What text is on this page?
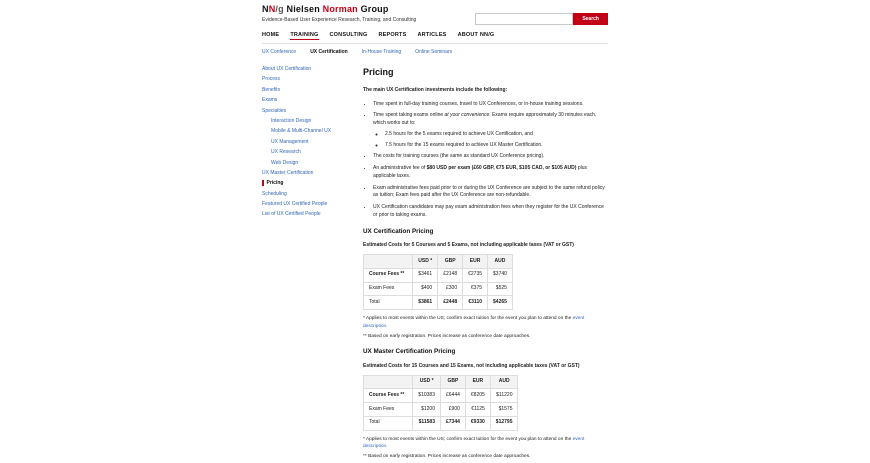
NN/g Nielsen Norman Group
Evidence-Based User Experience Research, Training, and Consulting	Search
HOME TRAINING CONSULTING REPORTS ARTICLES ABOUT NN/G
UX Conference	UX Certification	In-House Training	Online Seminars
About UX Certification
Process
Benefits
Exams
Specialties
Interaction Design
Mobile & Multi-Channel UX
UX Management
UX Research
Web Design
UX Master Certification
Pricing
Scheduling
Featured UX Certified People
List of UX Certified People
Pricing

The main UX Certification investments include the following:

• Time spent in full-day training courses, travel to UX Conferences, or in-house training sessions.
• Time spent taking exams online at your convenience. Exams require approximately 30 minutes each, which works out to:
◦ 2.5 hours for the 5 exams required to achieve UX Certification, and
◦ 7.5 hours for the 15 exams required to achieve UX Master Certification.
• The costs for training courses (the same as standard UX Conference pricing).
• An administrative fee of $80 USD per exam (£60 GBP, €75 EUR, $105 CAD, or $105 AUD) plus applicable taxes.
• Exam administrative fees paid prior to or during the UX Conference are subject to the same refund policy as tuition; Exam fees paid after the UX Conference are non-refundable.
• UX Certification candidates may pay exam administration fees when they register for the UX Conference or prior to taking exams.
UX Certification Pricing

Estimated Costs for 5 Courses and 5 Exams, not including applicable taxes (VAT or GST)

	USD *	GBP	EUR	AUD
Course Fees **	$3461	£2148	€2735	$3740
Exam Fees	$400	£300	€375	$525
Total	$3861	£2448	€3110	$4265

* Applies to most events within the US; confirm exact tuition for the event you plan to attend on the event description.

** Based on early registration. Prices increase as conference date approaches.

UX Master Certification Pricing

Estimated Costs for 15 Courses and 15 Exams, not including applicable taxes (VAT or GST)

	USD *	GBP	EUR	AUD
Course Fees **	$10383	£6444	€8205	$11220
Exam Fees	$1200	£900	€1125	$1575
Total	$11583	£7344	€9330	$12795

* Applies to most events within the US; confirm exact tuition for the event you plan to attend on the event description.

** Based on early registration. Prices increase as conference date approaches.
